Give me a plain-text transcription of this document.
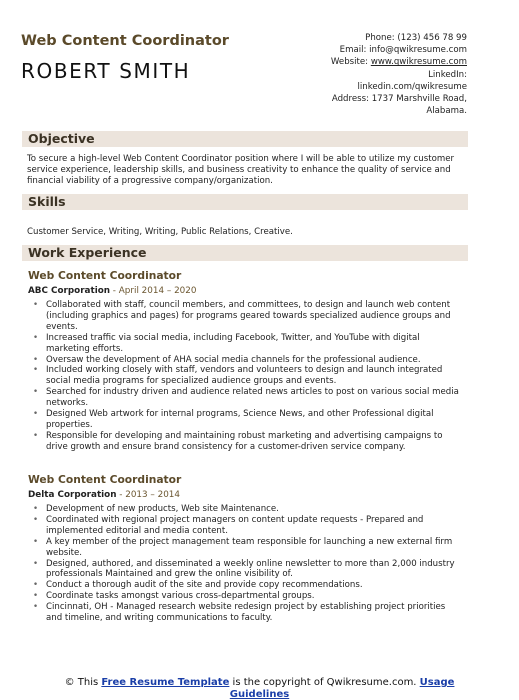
Web Content Coordinator
ROBERT SMITH
Phone: (123) 456 78 99
Email: info@qwikresume.com
Website: www.qwikresume.com
LinkedIn:
linkedin.com/qwikresume
Address: 1737 Marshville Road,
Alabama.
Objective
To secure a high-level Web Content Coordinator position where I will be able to utilize my customer service experience, leadership skills, and business creativity to enhance the quality of service and financial viability of a progressive company/organization.
Skills
Customer Service, Writing, Writing, Public Relations, Creative.
Work Experience
Web Content Coordinator
ABC Corporation - April 2014 – 2020
• Collaborated with staff, council members, and committees, to design and launch web content (including graphics and pages) for programs geared towards specialized audience groups and events.
• Increased traffic via social media, including Facebook, Twitter, and YouTube with digital marketing efforts.
• Oversaw the development of AHA social media channels for the professional audience.
• Included working closely with staff, vendors and volunteers to design and launch integrated social media programs for specialized audience groups and events.
• Searched for industry driven and audience related news articles to post on various social media networks.
• Designed Web artwork for internal programs, Science News, and other Professional digital properties.
• Responsible for developing and maintaining robust marketing and advertising campaigns to drive growth and ensure brand consistency for a customer-driven service company.
Web Content Coordinator
Delta Corporation - 2013 – 2014
• Development of new products, Web site Maintenance.
• Coordinated with regional project managers on content update requests - Prepared and implemented editorial and media content.
• A key member of the project management team responsible for launching a new external firm website.
• Designed, authored, and disseminated a weekly online newsletter to more than 2,000 industry professionals Maintained and grew the online visibility of.
• Conduct a thorough audit of the site and provide copy recommendations.
• Coordinate tasks amongst various cross-departmental groups.
• Cincinnati, OH - Managed research website redesign project by establishing project priorities and timeline, and writing communications to faculty.
© This Free Resume Template is the copyright of Qwikresume.com. Usage
Guidelines
